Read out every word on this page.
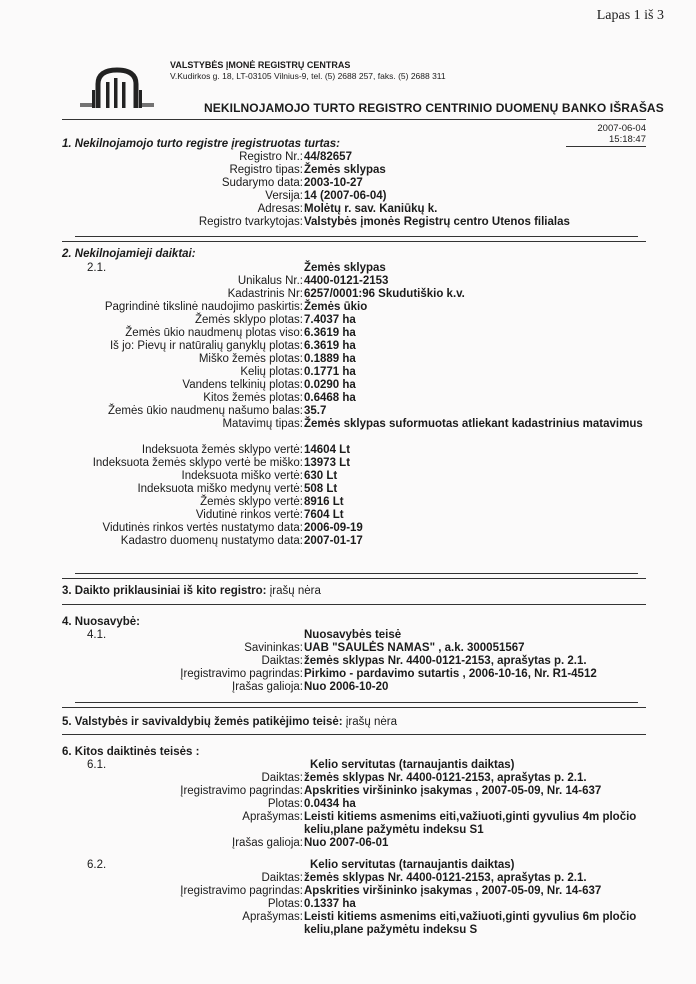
Lapas 1 iš 3
VALSTYBĖS ĮMONĖ REGISTRŲ CENTRAS
V.Kudirkos g. 18, LT-03105 Vilnius-9, tel. (5) 2688 257, faks. (5) 2688 311
NEKILNOJAMOJO TURTO REGISTRO CENTRINIO DUOMENŲ BANKO IŠRAŠAS
2007-06-04 15:18:47
1. Nekilnojamojo turto registre įregistruotas turtas:
Registro Nr.: 44/82657
Registro tipas: Žemės sklypas
Sudarymo data: 2003-10-27
Versija: 14 (2007-06-04)
Adresas: Molėtų r. sav. Kaniūkų k.
Registro tvarkytojas: Valstybės įmonės Registrų centro Utenos filialas
2. Nekilnojamieji daiktai:
2.1.	Žemės sklypas
Unikalus Nr.: 4400-0121-2153
Kadastrinis Nr: 6257/0001:96 Skudutiškio k.v.
Pagrindinė tikslinė naudojimo paskirtis: Žemės ūkio
Žemės sklypo plotas: 7.4037 ha
Žemės ūkio naudmenų plotas viso: 6.3619 ha
Iš jo: Pievų ir natūralių ganyklų plotas: 6.3619 ha
Miško žemės plotas: 0.1889 ha
Kelių plotas: 0.1771 ha
Vandens telkinių plotas: 0.0290 ha
Kitos žemės plotas: 0.6468 ha
Žemės ūkio naudmenų našumo balas: 35.7
Matavimų tipas: Žemės sklypas suformuotas atliekant kadastrinius matavimus
Indeksuota žemės sklypo vertė: 14604 Lt
Indeksuota žemės sklypo vertė be miško: 13973 Lt
Indeksuota miško vertė: 630 Lt
Indeksuota miško medynų vertė: 508 Lt
Žemės sklypo vertė: 8916 Lt
Vidutinė rinkos vertė: 7604 Lt
Vidutinės rinkos vertės nustatymo data: 2006-09-19
Kadastro duomenų nustatymo data: 2007-01-17
3. Daikto priklausiniai iš kito registro: įrašų nėra
4. Nuosavybė:
4.1.	Nuosavybės teisė
Savininkas: UAB "SAULĖS NAMAS" , a.k. 300051567
Daiktas: žemės sklypas Nr. 4400-0121-2153, aprašytas p. 2.1.
Įregistravimo pagrindas: Pirkimo - pardavimo sutartis , 2006-10-16, Nr. R1-4512
Įrašas galioja: Nuo 2006-10-20
5. Valstybės ir savivaldybių žemės patikėjimo teisė: įrašų nėra
6. Kitos daiktinės teisės :
6.1.	Kelio servitutas (tarnaujantis daiktas)
Daiktas: žemės sklypas Nr. 4400-0121-2153, aprašytas p. 2.1.
Įregistravimo pagrindas: Apskrities viršininko įsakymas , 2007-05-09, Nr. 14-637
Plotas: 0.0434 ha
Aprašymas: Leisti kitiems asmenims eiti,važiuoti,ginti gyvulius 4m pločio keliu,plane pažymėtu indeksu S1
Įrašas galioja: Nuo 2007-06-01
6.2.	Kelio servitutas (tarnaujantis daiktas)
Daiktas: žemės sklypas Nr. 4400-0121-2153, aprašytas p. 2.1.
Įregistravimo pagrindas: Apskrities viršininko įsakymas , 2007-05-09, Nr. 14-637
Plotas: 0.1337 ha
Aprašymas: Leisti kitiems asmenims eiti,važiuoti,ginti gyvulius 6m pločio keliu,plane pažymėtu indeksu S
